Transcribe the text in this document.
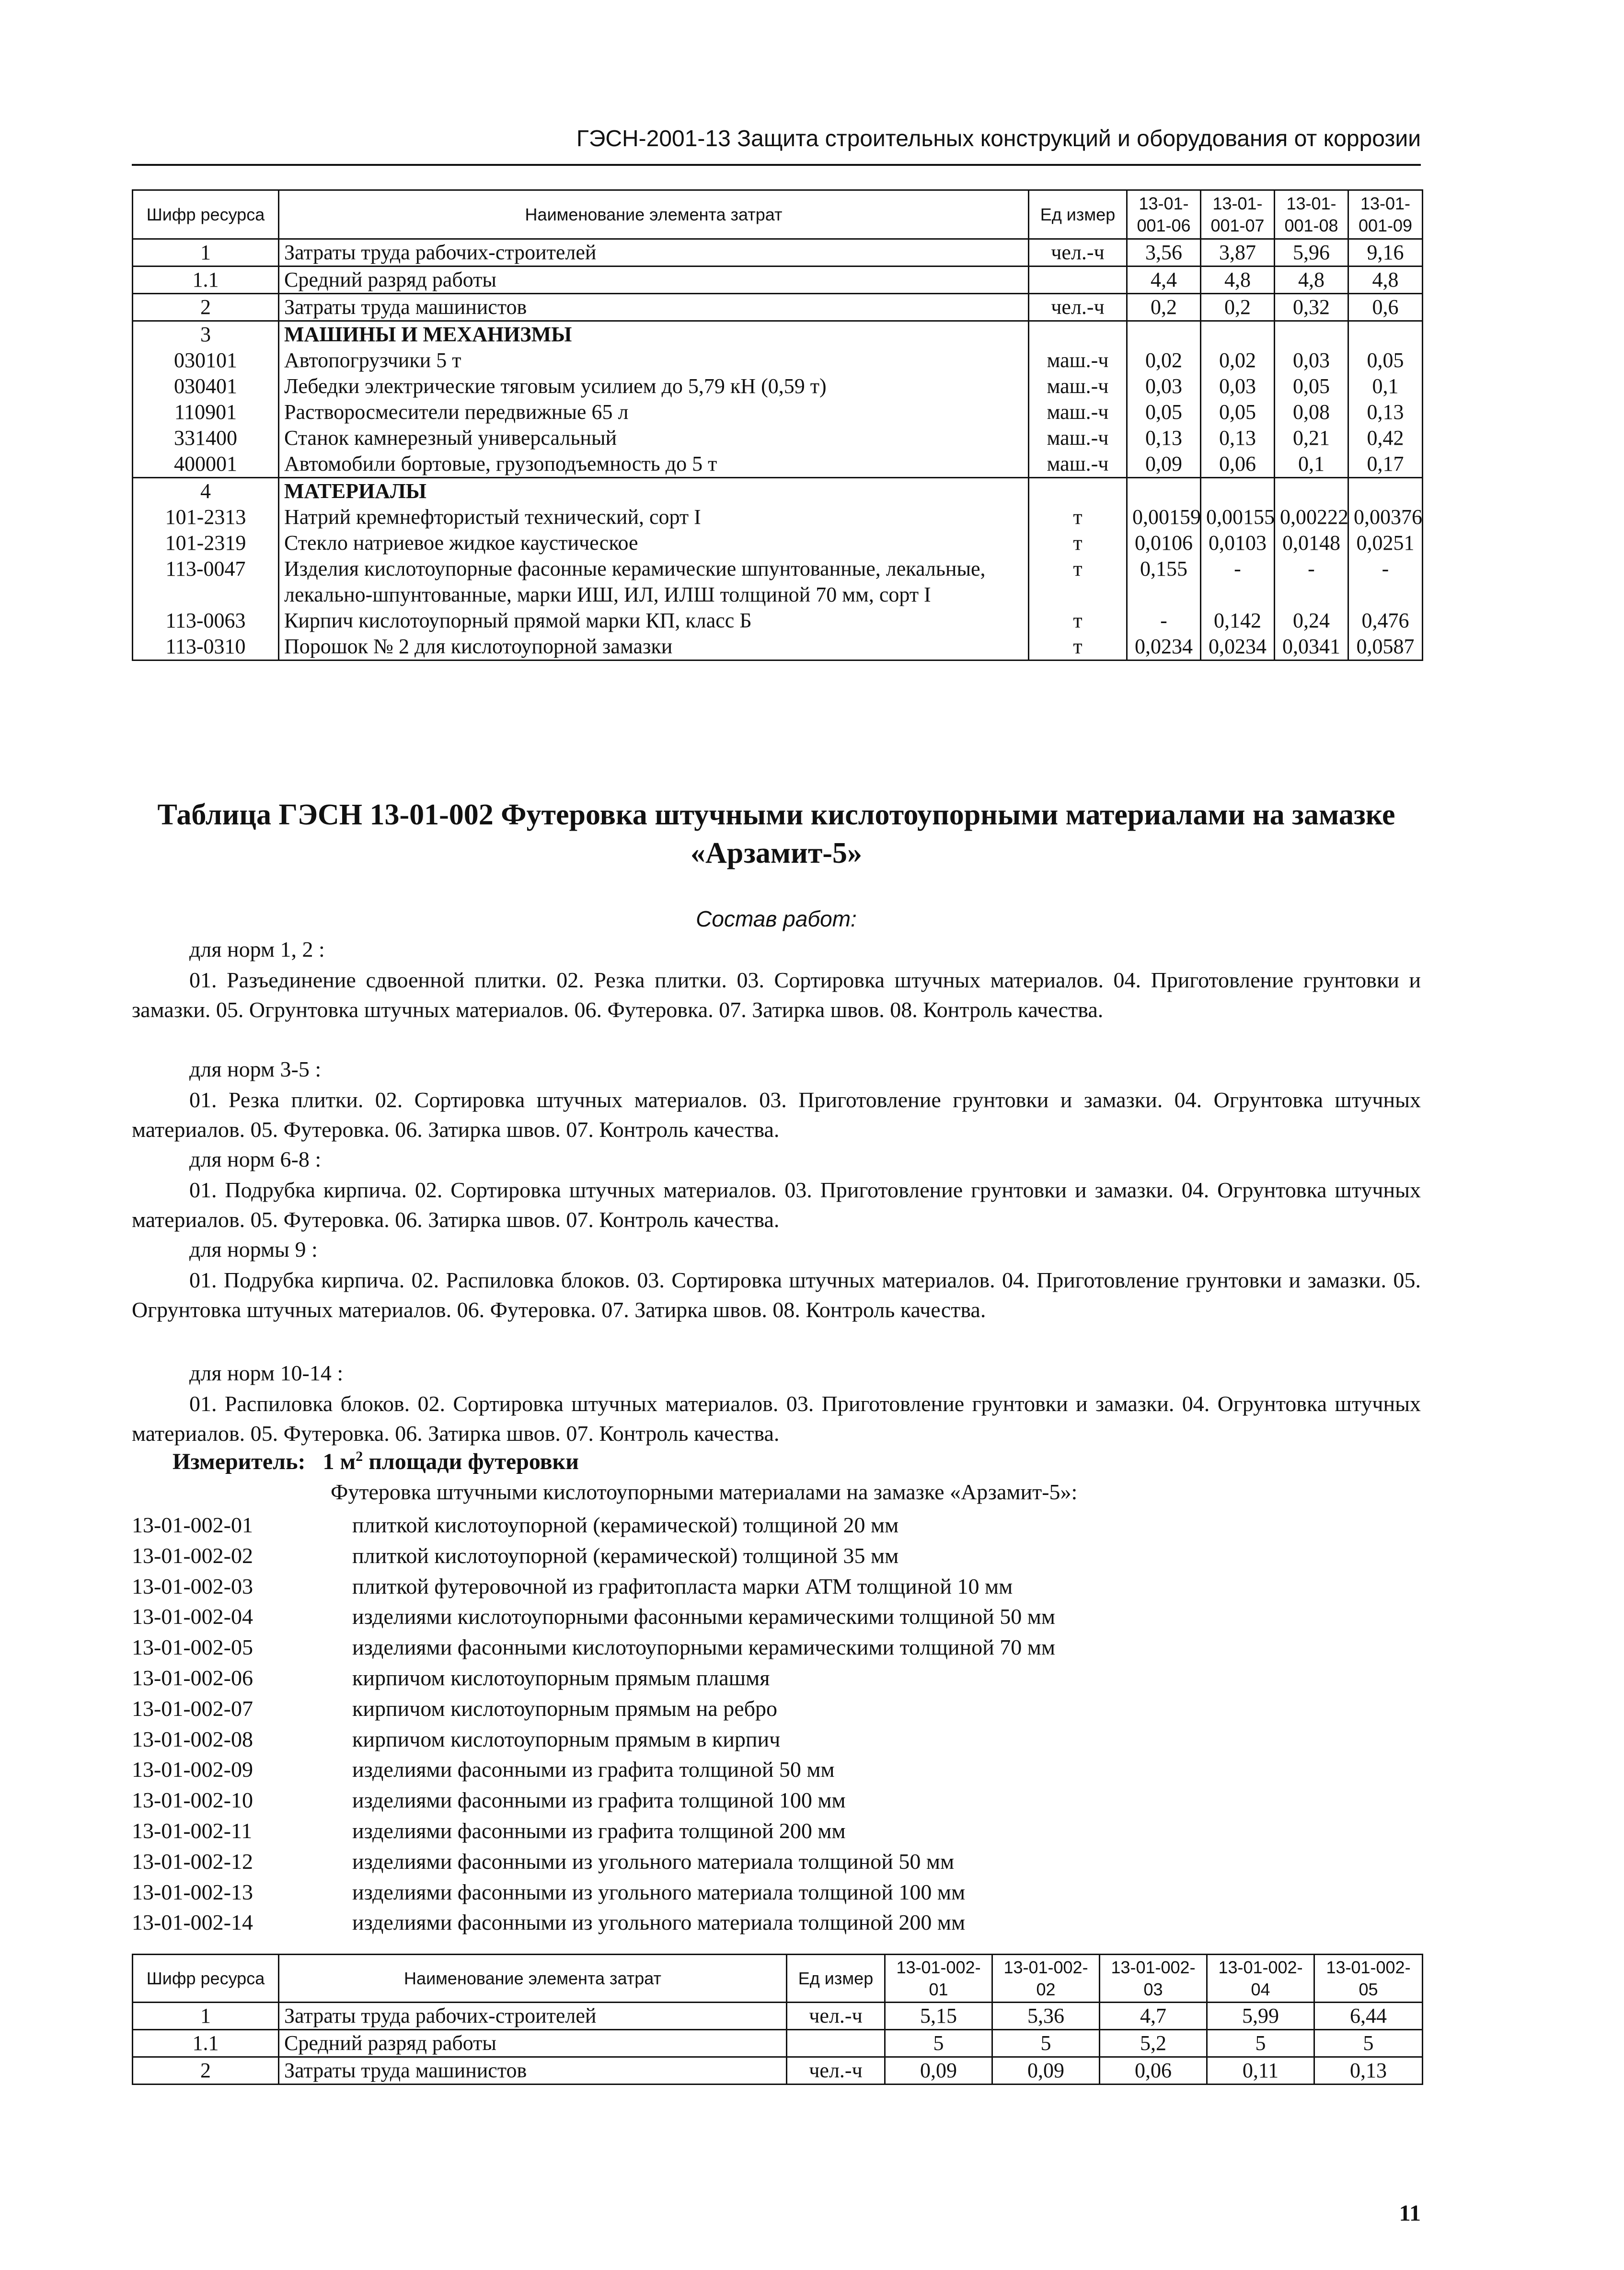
ГЭСН-2001-13 Защита строительных конструкций и оборудования от коррозии
Шифр ресурса	Наименование элемента затрат	Ед измер	13-01-001-06	13-01-001-07	13-01-001-08	13-01-001-09
1	Затраты труда рабочих-строителей	чел.-ч	3,56	3,87	5,96	9,16
1.1	Средний разряд работы		4,4	4,8	4,8	4,8
2	Затраты труда машинистов	чел.-ч	0,2	0,2	0,32	0,6
3	МАШИНЫ И МЕХАНИЗМЫ					
030101	Автопогрузчики 5 т	маш.-ч	0,02	0,02	0,03	0,05
030401	Лебедки электрические тяговым усилием до 5,79 кН (0,59 т)	маш.-ч	0,03	0,03	0,05	0,1
110901	Растворосмесители передвижные 65 л	маш.-ч	0,05	0,05	0,08	0,13
331400	Станок камнерезный универсальный	маш.-ч	0,13	0,13	0,21	0,42
400001	Автомобили бортовые, грузоподъемность до 5 т	маш.-ч	0,09	0,06	0,1	0,17
4	МАТЕРИАЛЫ					
101-2313	Натрий кремнефтористый технический, сорт I	т	0,00159	0,00155	0,00222	0,00376
101-2319	Стекло натриевое жидкое каустическое	т	0,0106	0,0103	0,0148	0,0251
113-0047	Изделия кислотоупорные фасонные керамические шпунтованные, лекальные, лекально-шпунтованные, марки ИШ, ИЛ, ИЛШ толщиной 70 мм, сорт I	т	0,155	-	-	-
113-0063	Кирпич кислотоупорный прямой марки КП, класс Б	т	-	0,142	0,24	0,476
113-0310	Порошок № 2 для кислотоупорной замазки	т	0,0234	0,0234	0,0341	0,0587
Таблица ГЭСН 13-01-002 Футеровка штучными кислотоупорными материалами на замазке «Арзамит-5»
Состав работ:
для норм 1, 2 :
01. Разъединение сдвоенной плитки. 02. Резка плитки. 03. Сортировка штучных материалов. 04. Приготовление грунтовки и замазки. 05. Огрунтовка штучных материалов. 06. Футеровка. 07. Затирка швов. 08. Контроль качества.
для норм 3-5 :
01. Резка плитки. 02. Сортировка штучных материалов. 03. Приготовление грунтовки и замазки. 04. Огрунтовка штучных материалов. 05. Футеровка. 06. Затирка швов. 07. Контроль качества.
для норм 6-8 :
01. Подрубка кирпича. 02. Сортировка штучных материалов. 03. Приготовление грунтовки и замазки. 04. Огрунтовка штучных материалов. 05. Футеровка. 06. Затирка швов. 07. Контроль качества.
для нормы 9 :
01. Подрубка кирпича. 02. Распиловка блоков. 03. Сортировка штучных материалов. 04. Приготовление грунтовки и замазки. 05. Огрунтовка штучных материалов. 06. Футеровка. 07. Затирка швов. 08. Контроль качества.
для норм 10-14 :
01. Распиловка блоков. 02. Сортировка штучных материалов. 03. Приготовление грунтовки и замазки. 04. Огрунтовка штучных материалов. 05. Футеровка. 06. Затирка швов. 07. Контроль качества.
Измеритель: 1 $м^2$ площади футеровки
Футеровка штучными кислотоупорными материалами на замазке «Арзамит-5»:
13-01-002-01	плиткой кислотоупорной (керамической) толщиной 20 мм
13-01-002-02	плиткой кислотоупорной (керамической) толщиной 35 мм
13-01-002-03	плиткой футеровочной из графитопласта марки АТМ толщиной 10 мм
13-01-002-04	изделиями кислотоупорными фасонными керамическими толщиной 50 мм
13-01-002-05	изделиями фасонными кислотоупорными керамическими толщиной 70 мм
13-01-002-06	кирпичом кислотоупорным прямым плашмя
13-01-002-07	кирпичом кислотоупорным прямым на ребро
13-01-002-08	кирпичом кислотоупорным прямым в кирпич
13-01-002-09	изделиями фасонными из графита толщиной 50 мм
13-01-002-10	изделиями фасонными из графита толщиной 100 мм
13-01-002-11	изделиями фасонными из графита толщиной 200 мм
13-01-002-12	изделиями фасонными из угольного материала толщиной 50 мм
13-01-002-13	изделиями фасонными из угольного материала толщиной 100 мм
13-01-002-14	изделиями фасонными из угольного материала толщиной 200 мм
Шифр ресурса	Наименование элемента затрат	Ед измер	13-01-002-01	13-01-002-02	13-01-002-03	13-01-002-04	13-01-002-05
1	Затраты труда рабочих-строителей	чел.-ч	5,15	5,36	4,7	5,99	6,44
1.1	Средний разряд работы		5	5	5,2	5	5
2	Затраты труда машинистов	чел.-ч	0,09	0,09	0,06	0,11	0,13
11
